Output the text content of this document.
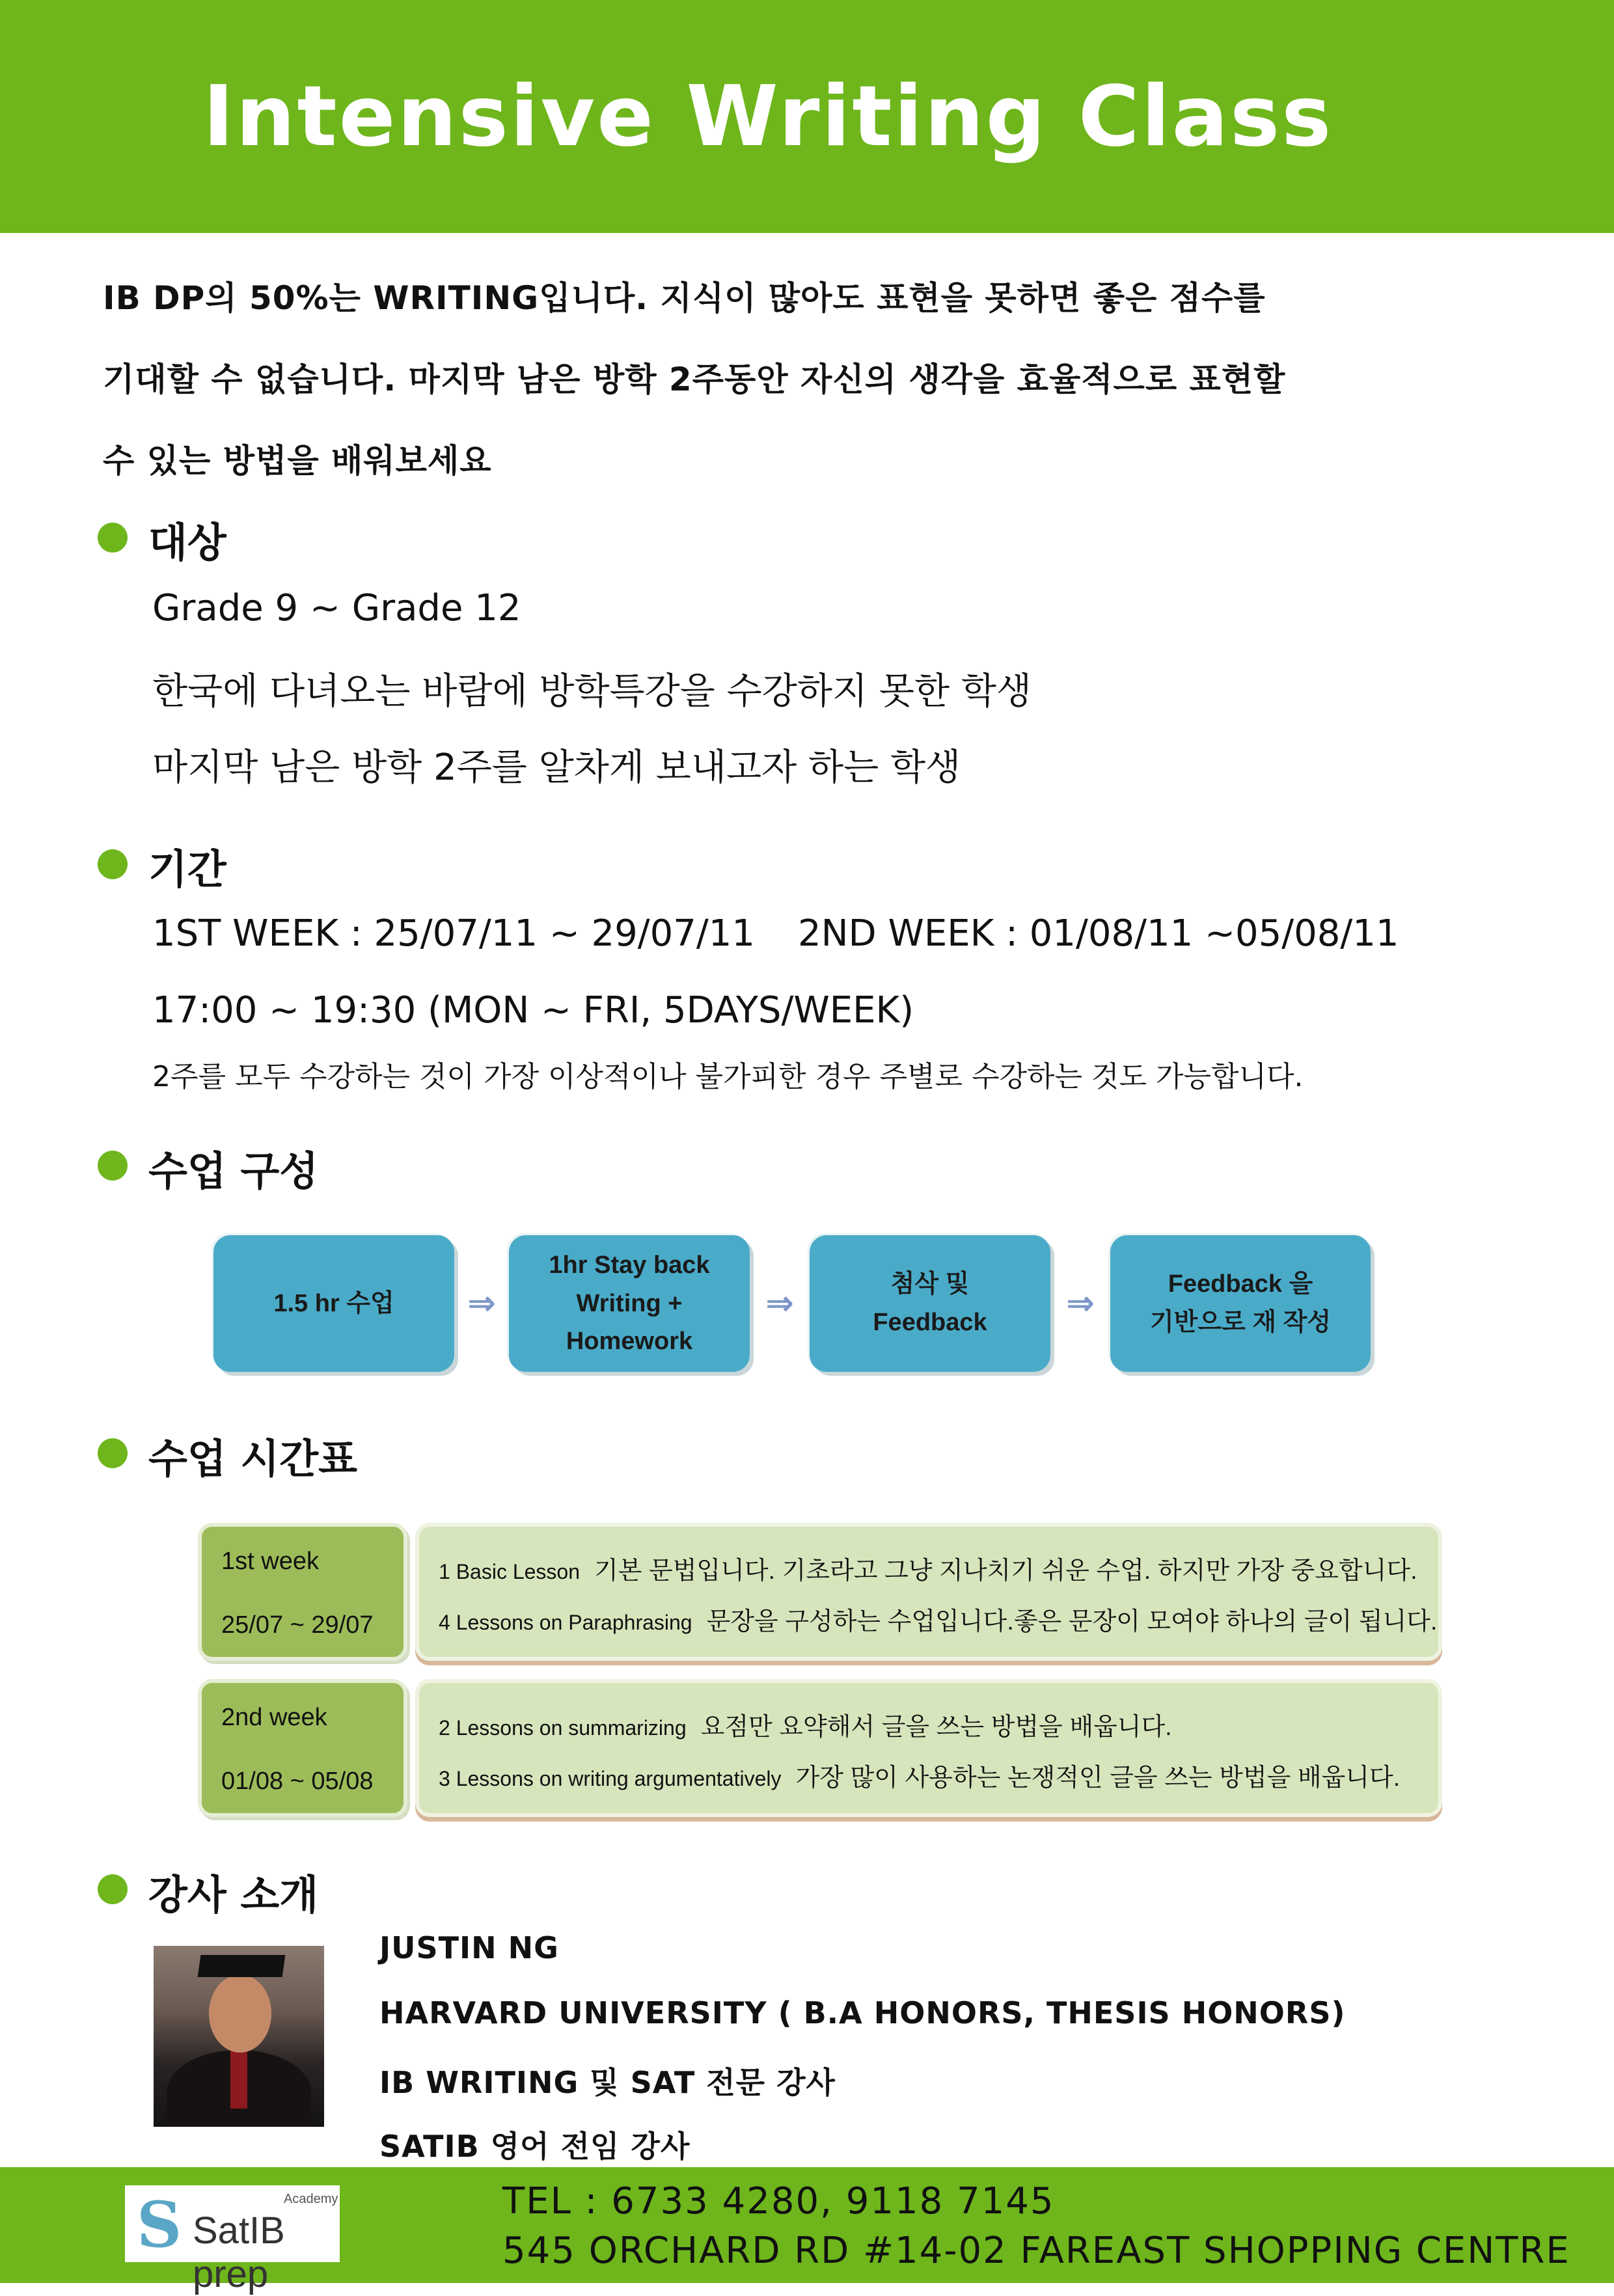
Intensive Writing Class
IB DP의 50%는 WRITING입니다. 지식이 많아도 표현을 못하면 좋은 점수를
기대할 수 없습니다. 마지막 남은 방학 2주동안 자신의 생각을 효율적으로 표현할
수 있는 방법을 배워보세요
대상
Grade 9 ~ Grade 12
한국에 다녀오는 바람에 방학특강을 수강하지 못한 학생
마지막 남은 방학 2주를 알차게 보내고자 하는 학생
기간
1ST WEEK : 25/07/11 ~ 29/07/11 2ND WEEK : 01/08/11 ~05/08/11
17:00 ~ 19:30 (MON ~ FRI, 5DAYS/WEEK)
2주를 모두 수강하는 것이 가장 이상적이나 불가피한 경우 주별로 수강하는 것도 가능합니다.
수업 구성
1.5 hr 수업 ⇒
1hr Stay back
Writing +
Homework
⇒	첨삭 및
Feedback ⇒	Feedback 을
기반으로 재 작성
수업 시간표
1st week
25/07 ~ 29/07
1 Basic Lesson 기본 문법입니다. 기초라고 그냥 지나치기 쉬운 수업. 하지만 가장 중요합니다.
4 Lessons on Paraphrasing 문장을 구성하는 수업입니다.좋은 문장이 모여야 하나의 글이 됩니다.
2nd week
01/08 ~ 05/08
2 Lessons on summarizing 요점만 요약해서 글을 쓰는 방법을 배웁니다.
3 Lessons on writing argumentatively 가장 많이 사용하는 논쟁적인 글을 쓰는 방법을 배웁니다.
강사 소개
JUSTIN NG
HARVARD UNIVERSITY ( B.A HONORS, THESIS HONORS)
IB WRITING 및 SAT 전문 강사
SATIB 영어 전임 강사
S SatIB prep
Academy	TEL : 6733 4280, 9118 7145
545 ORCHARD RD #14-02 FAREAST SHOPPING CENTRE
